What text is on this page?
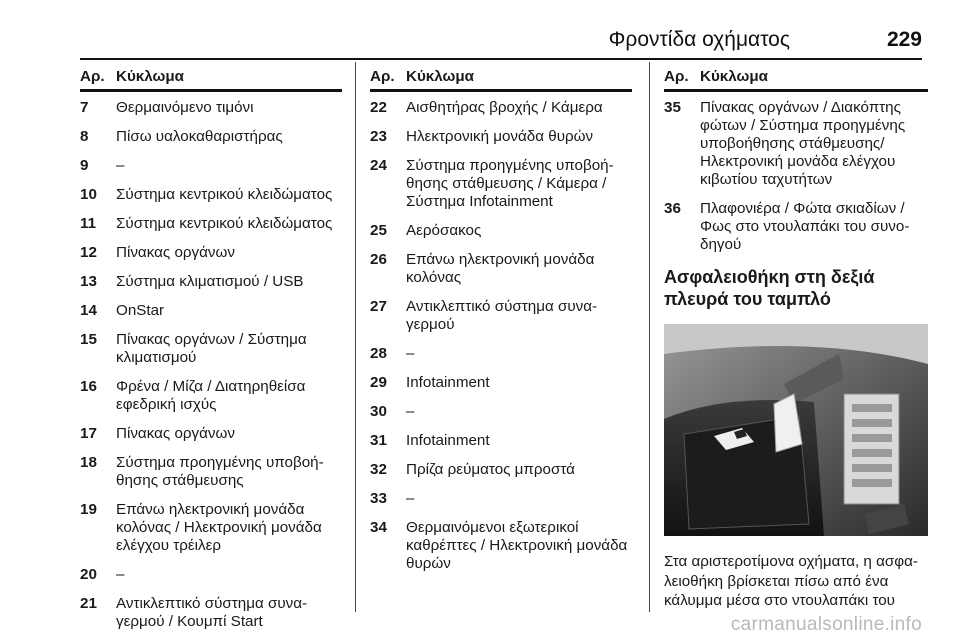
Φροντίδα οχήματος	229
Αρ. Κύκλωμα
7	Θερμαινόμενο τιμόνι
8	Πίσω υαλοκαθαριστήρας
9	–
10	Σύστημα κεντρικού κλειδώματος
11	Σύστημα κεντρικού κλειδώματος
12	Πίνακας οργάνων
13	Σύστημα κλιματισμού / USB
14	OnStar
15	Πίνακας οργάνων / Σύστημα κλιματισμού
16	Φρένα / Μίζα / Διατηρηθείσα εφεδρική ισχύς
17	Πίνακας οργάνων
18	Σύστημα προηγμένης υποβοή-θησης στάθμευσης
19	Επάνω ηλεκτρονική μονάδα κολόνας / Ηλεκτρονική μονάδα ελέγχου τρέιλερ
20	–
21	Αντικλεπτικό σύστημα συνα-γερμού / Κουμπί Start
Αρ. Κύκλωμα
22	Αισθητήρας βροχής / Κάμερα
23	Ηλεκτρονική μονάδα θυρών
24	Σύστημα προηγμένης υποβοή-θησης στάθμευσης / Κάμερα / Σύστημα Infotainment
25	Αερόσακος
26	Επάνω ηλεκτρονική μονάδα κολόνας
27	Αντικλεπτικό σύστημα συνα-γερμού
28	–
29	Infotainment
30	–
31	Infotainment
32	Πρίζα ρεύματος μπροστά
33	–
34	Θερμαινόμενοι εξωτερικοί καθρέπτες / Ηλεκτρονική μονάδα θυρών
Αρ. Κύκλωμα
35	Πίνακας οργάνων / Διακόπτης φώτων / Σύστημα προηγμένης υποβοήθησης στάθμευσης/ Ηλεκτρονική μονάδα ελέγχου κιβωτίου ταχυτήτων
36	Πλαφονιέρα / Φώτα σκιαδίων / Φως στο ντουλαπάκι του συνο-δηγού
Ασφαλειοθήκη στη δεξιά πλευρά του ταμπλό
Στα αριστεροτίμονα οχήματα, η ασφα-λειοθήκη βρίσκεται πίσω από ένα κάλυμμα μέσα στο ντουλαπάκι του
carmanualsonline.info
